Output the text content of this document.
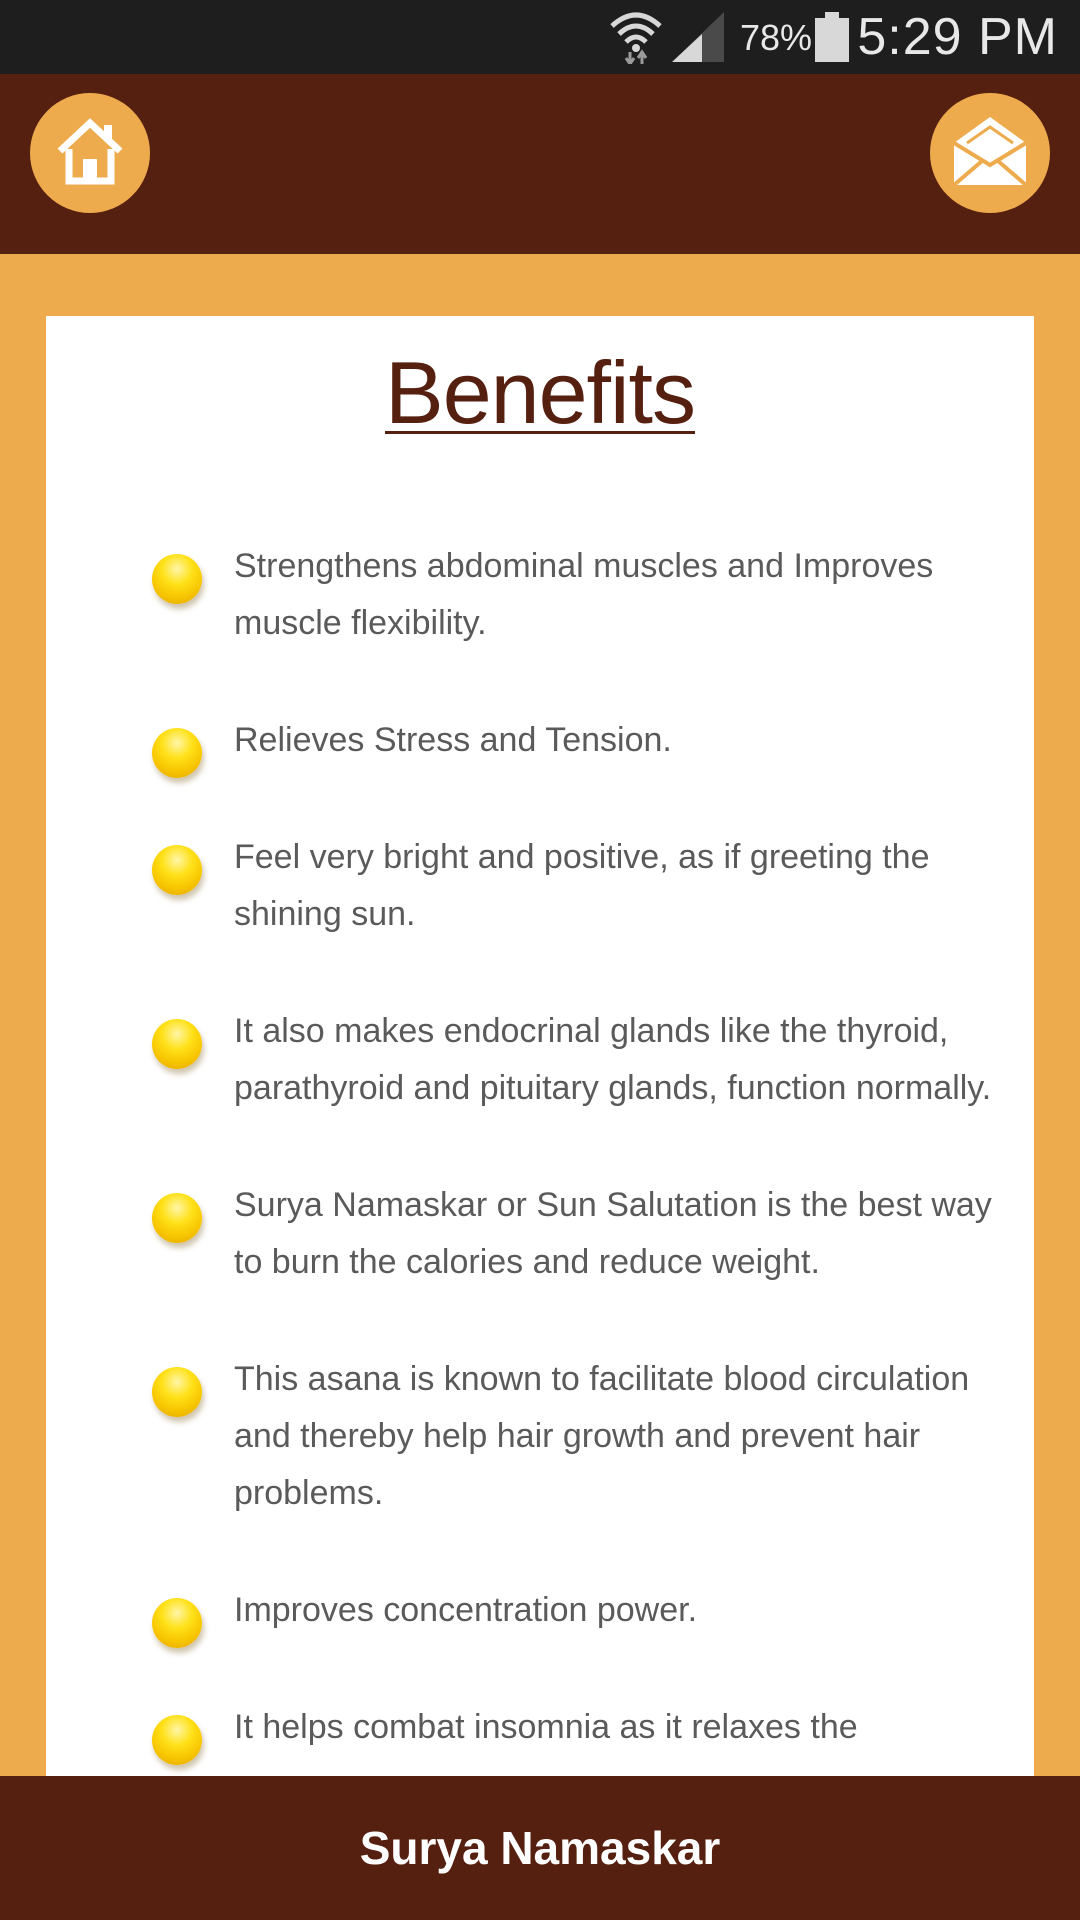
78% 5:29 PM
Benefits
Strengthens abdominal muscles and Improves muscle flexibility.
Relieves Stress and Tension.
Feel very bright and positive, as if greeting the shining sun.
It also makes endocrinal glands like the thyroid, parathyroid and pituitary glands, function normally.
Surya Namaskar or Sun Salutation is the best way to burn the calories and reduce weight.
This asana is known to facilitate blood circulation and thereby help hair growth and prevent hair problems.
Improves concentration power.
It helps combat insomnia as it relaxes the
Surya Namaskar
